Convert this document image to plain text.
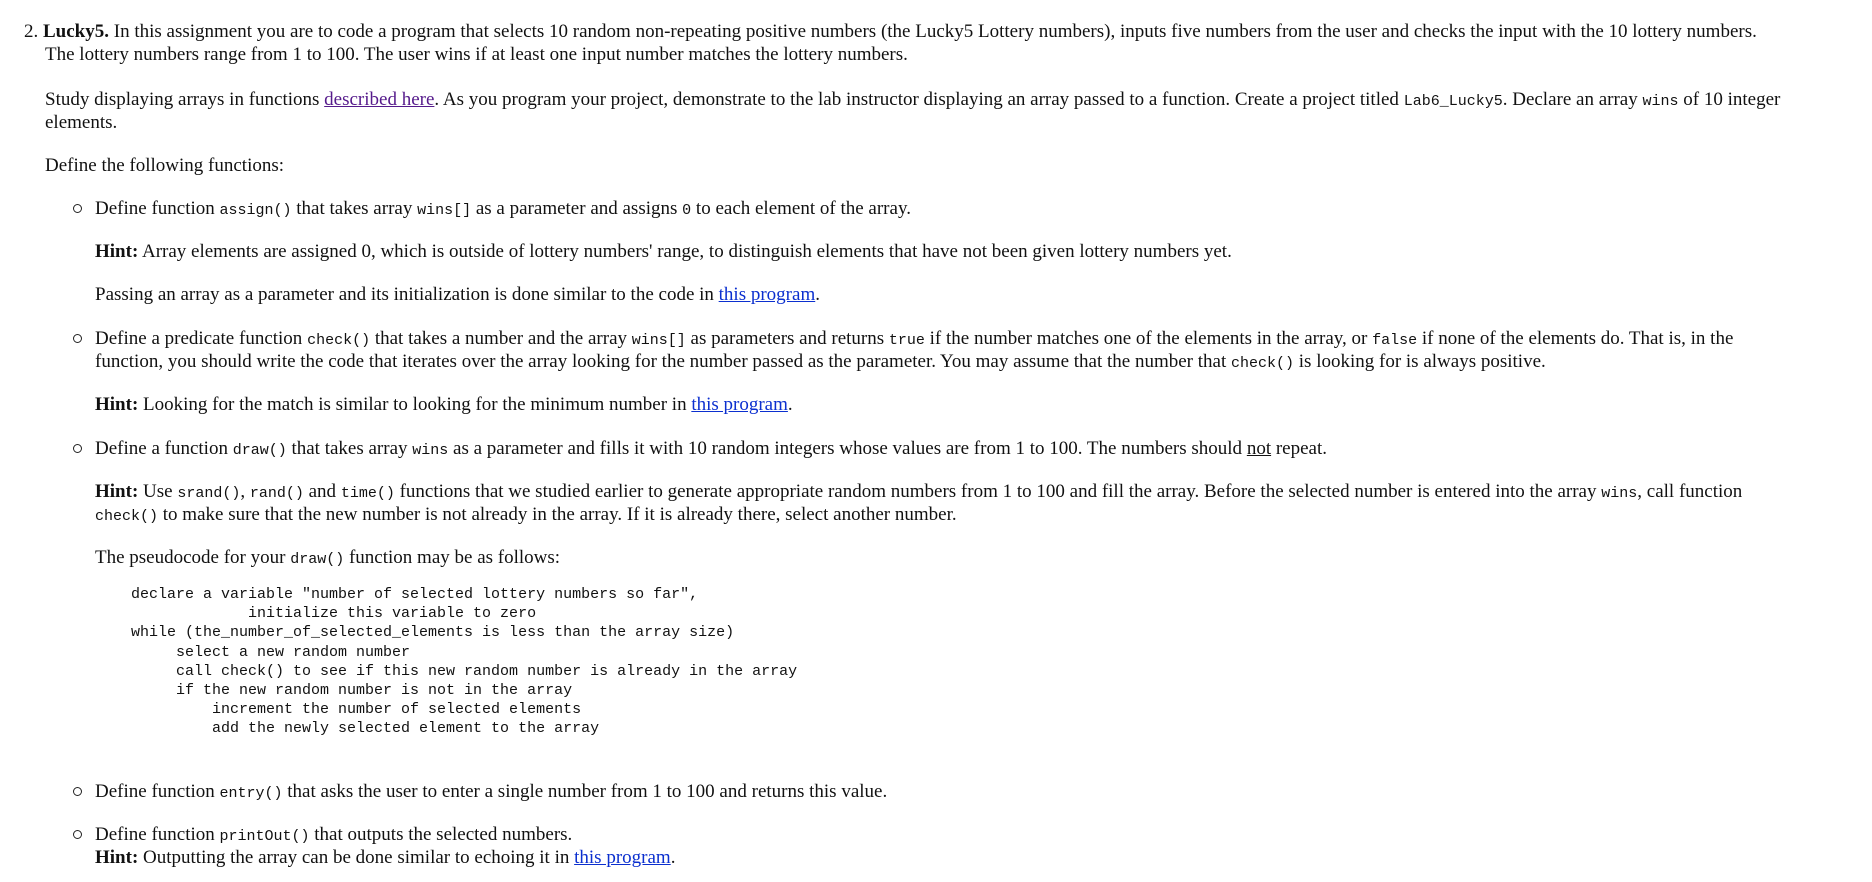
2. Lucky5. In this assignment you are to code a program that selects 10 random non-repeating positive numbers (the Lucky5 Lottery numbers), inputs five numbers from the user and checks the input with the 10 lottery numbers.
The lottery numbers range from 1 to 100. The user wins if at least one input number matches the lottery numbers.
Study displaying arrays in functions described here. As you program your project, demonstrate to the lab instructor displaying an array passed to a function. Create a project titled Lab6_Lucky5. Declare an array wins of 10 integer
elements.
Define the following functions:
Define function assign() that takes array wins[] as a parameter and assigns 0 to each element of the array.
Hint: Array elements are assigned 0, which is outside of lottery numbers' range, to distinguish elements that have not been given lottery numbers yet.
Passing an array as a parameter and its initialization is done similar to the code in this program.
Define a predicate function check() that takes a number and the array wins[] as parameters and returns true if the number matches one of the elements in the array, or false if none of the elements do. That is, in the
function, you should write the code that iterates over the array looking for the number passed as the parameter. You may assume that the number that check() is looking for is always positive.
Hint: Looking for the match is similar to looking for the minimum number in this program.
Define a function draw() that takes array wins as a parameter and fills it with 10 random integers whose values are from 1 to 100. The numbers should not repeat.
Hint: Use srand(), rand() and time() functions that we studied earlier to generate appropriate random numbers from 1 to 100 and fill the array. Before the selected number is entered into the array wins, call function
check() to make sure that the new number is not already in the array. If it is already there, select another number.
The pseudocode for your draw() function may be as follows:
declare a variable "number of selected lottery numbers so far",
initialize this variable to zero
while (the_number_of_selected_elements is less than the array size)
select a new random number
call check() to see if this new random number is already in the array
if the new random number is not in the array
increment the number of selected elements
add the newly selected element to the array
Define function entry() that asks the user to enter a single number from 1 to 100 and returns this value.
Define function printOut() that outputs the selected numbers.
Hint: Outputting the array can be done similar to echoing it in this program.
